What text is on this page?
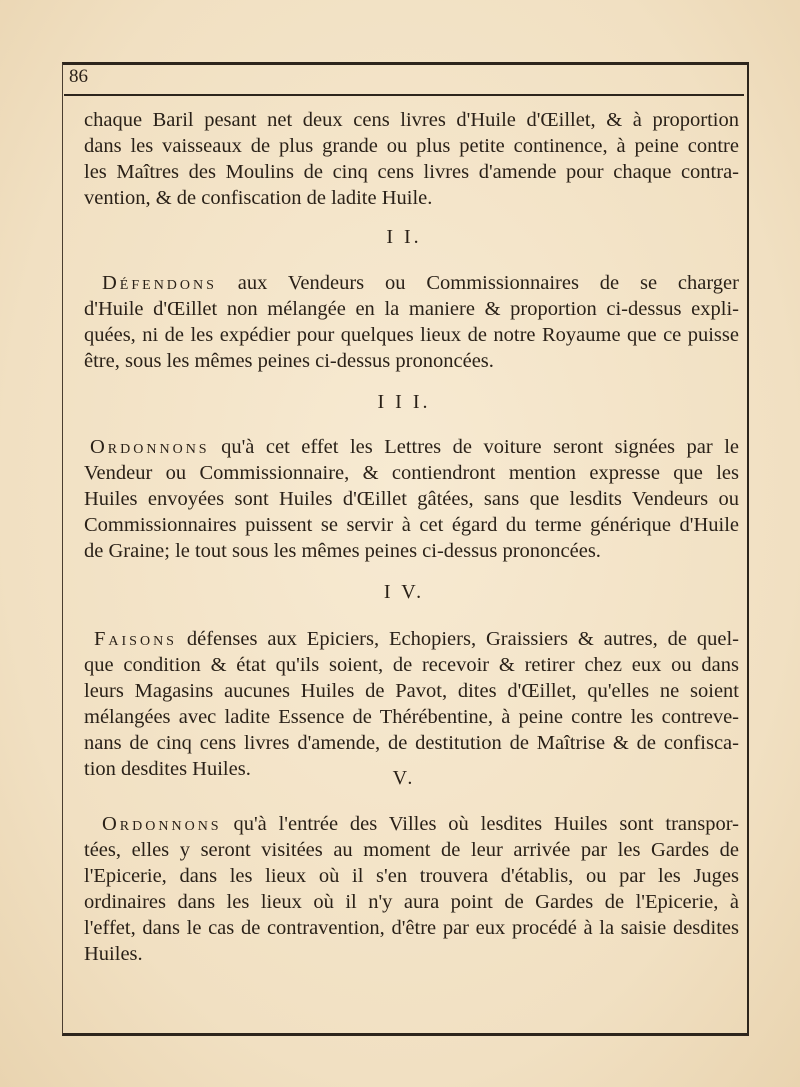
86
chaque Baril pesant net deux cens livres d'Huile d'Œillet, & à proportion
dans les vaisseaux de plus grande ou plus petite continence, à peine contre
les Maîtres des Moulins de cinq cens livres d'amende pour chaque contra-
vention, & de confiscation de ladite Huile.
I I.
Défendons aux Vendeurs ou Commissionnaires de se charger
d'Huile d'Œillet non mélangée en la maniere & proportion ci-dessus expli-
quées, ni de les expédier pour quelques lieux de notre Royaume que ce puisse
être, sous les mêmes peines ci-dessus prononcées.
I I I.
Ordonnons qu'à cet effet les Lettres de voiture seront signées par le
Vendeur ou Commissionnaire, & contiendront mention expresse que les
Huiles envoyées sont Huiles d'Œillet gâtées, sans que lesdits Vendeurs ou
Commissionnaires puissent se servir à cet égard du terme générique d'Huile
de Graine; le tout sous les mêmes peines ci-dessus prononcées.
I V.
Faisons défenses aux Epiciers, Echopiers, Graissiers & autres, de quel-
que condition & état qu'ils soient, de recevoir & retirer chez eux ou dans
leurs Magasins aucunes Huiles de Pavot, dites d'Œillet, qu'elles ne soient
mélangées avec ladite Essence de Thérébentine, à peine contre les contreve-
nans de cinq cens livres d'amende, de destitution de Maîtrise & de confisca-
tion desdites Huiles.	V.
Ordonnons qu'à l'entrée des Villes où lesdites Huiles sont transpor-
tées, elles y seront visitées au moment de leur arrivée par les Gardes de
l'Epicerie, dans les lieux où il s'en trouvera d'établis, ou par les Juges
ordinaires dans les lieux où il n'y aura point de Gardes de l'Epicerie, à
l'effet, dans le cas de contravention, d'être par eux procédé à la saisie desdites
Huiles.
